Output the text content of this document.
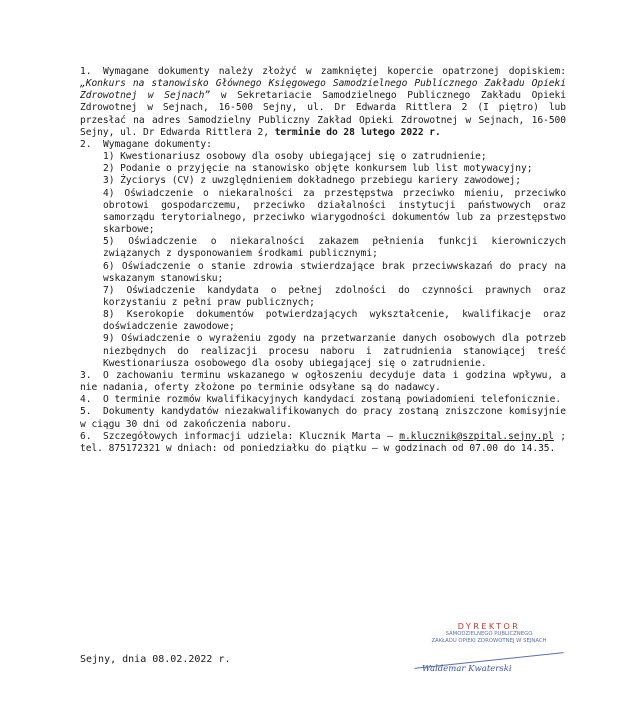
1. Wymagane dokumenty należy złożyć w zamkniętej kopercie opatrzonej dopiskiem: „Konkurs na stanowisko Głównego Księgowego Samodzielnego Publicznego Zakładu Opieki Zdrowotnej w Sejnach” w Sekretariacie Samodzielnego Publicznego Zakładu Opieki Zdrowotnej w Sejnach, 16-500 Sejny, ul. Dr Edwarda Rittlera 2 (I piętro) lub przesłać na adres Samodzielny Publiczny Zakład Opieki Zdrowotnej w Sejnach, 16-500 Sejny, ul. Dr Edwarda Rittlera 2, terminie do 28 lutego 2022 r.

2. Wymagane dokumenty:

1) Kwestionariusz osobowy dla osoby ubiegającej się o zatrudnienie;

2) Podanie o przyjęcie na stanowisko objęte konkursem lub list motywacyjny;

3) Życiorys (CV) z uwzględnieniem dokładnego przebiegu kariery zawodowej;

4) Oświadczenie o niekaralności za przestępstwa przeciwko mieniu, przeciwko obrotowi gospodarczemu, przeciwko działalności instytucji państwowych oraz samorządu terytorialnego, przeciwko wiarygodności dokumentów lub za przestępstwo skarbowe;

5) Oświadczenie o niekaralności zakazem pełnienia funkcji kierowniczych związanych z dysponowaniem środkami publicznymi;

6) Oświadczenie o stanie zdrowia stwierdzające brak przeciwwskazań do pracy na wskazanym stanowisku;

7) Oświadczenie kandydata o pełnej zdolności do czynności prawnych oraz korzystaniu z pełni praw publicznych;

8) Kserokopie dokumentów potwierdzających wykształcenie, kwalifikacje oraz doświadczenie zawodowe;

9) Oświadczenie o wyrażeniu zgody na przetwarzanie danych osobowych dla potrzeb niezbędnych do realizacji procesu naboru i zatrudnienia stanowiącej treść Kwestionariusza osobowego dla osoby ubiegającej się o zatrudnienie.

3. O zachowaniu terminu wskazanego w ogłoszeniu decyduje data i godzina wpływu, a nie nadania, oferty złożone po terminie odsyłane są do nadawcy.

4. O terminie rozmów kwalifikacyjnych kandydaci zostaną powiadomieni telefonicznie.

5. Dokumenty kandydatów niezakwalifikowanych do pracy zostaną zniszczone komisyjnie w ciągu 30 dni od zakończenia naboru.

6. Szczegółowych informacji udziela: Klucznik Marta – m.klucznik@szpital.sejny.pl ; tel. 875172321 w dniach: od poniedziałku do piątku – w godzinach od 07.00 do 14.35.

Sejny, dnia 08.02.2022 r.
DYREKTOR
SAMODZIELNEGO PUBLICZNEGO
ZAKŁADU OPIEKI ZDROWOTNEJ W SEJNACH
Waldemar Kwaterski
